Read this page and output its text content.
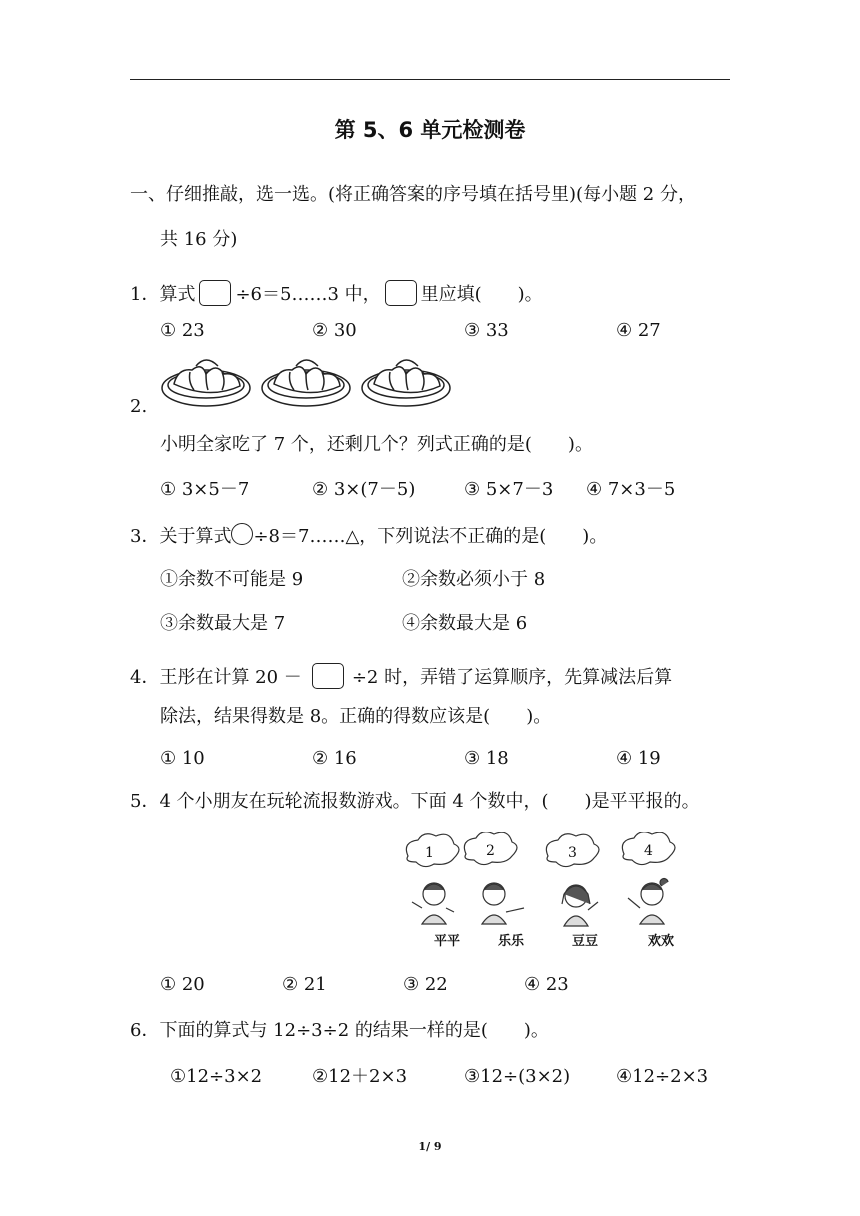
第 5、6 单元检测卷
一、仔细推敲，选一选。(将正确答案的序号填在括号里)(每小题 2 分，
共 16 分)
1．算式 ÷6＝5……3 中， 里应填(　　)。
① 23	② 30	③ 33	④ 27
2.
小明全家吃了 7 个，还剩几个？列式正确的是(　　)。
① 3×5－7	② 3×(7－5)	③ 5×7－3 ④ 7×3－5
3．关于算式 ÷8＝7……△，下列说法不正确的是(　　)。
①余数不可能是 9	②余数必须小于 8
③余数最大是 7	④余数最大是 6
4．王彤在计算 20 －	÷2 时，弄错了运算顺序，先算减法后算
除法，结果得数是 8。正确的得数应该是(　　)。
① 10	② 16	③ 18	④ 19
5．4 个小朋友在玩轮流报数游戏。下面 4 个数中，(　　)是平平报的。
1	2	3	4
平平	乐乐	豆豆	欢欢
① 20	② 21	③ 22	④ 23
6．下面的算式与 12÷3÷2 的结果一样的是(　　)。
①12÷3×2	②12＋2×3	③12÷(3×2)	④12÷2×3
1/ 9
